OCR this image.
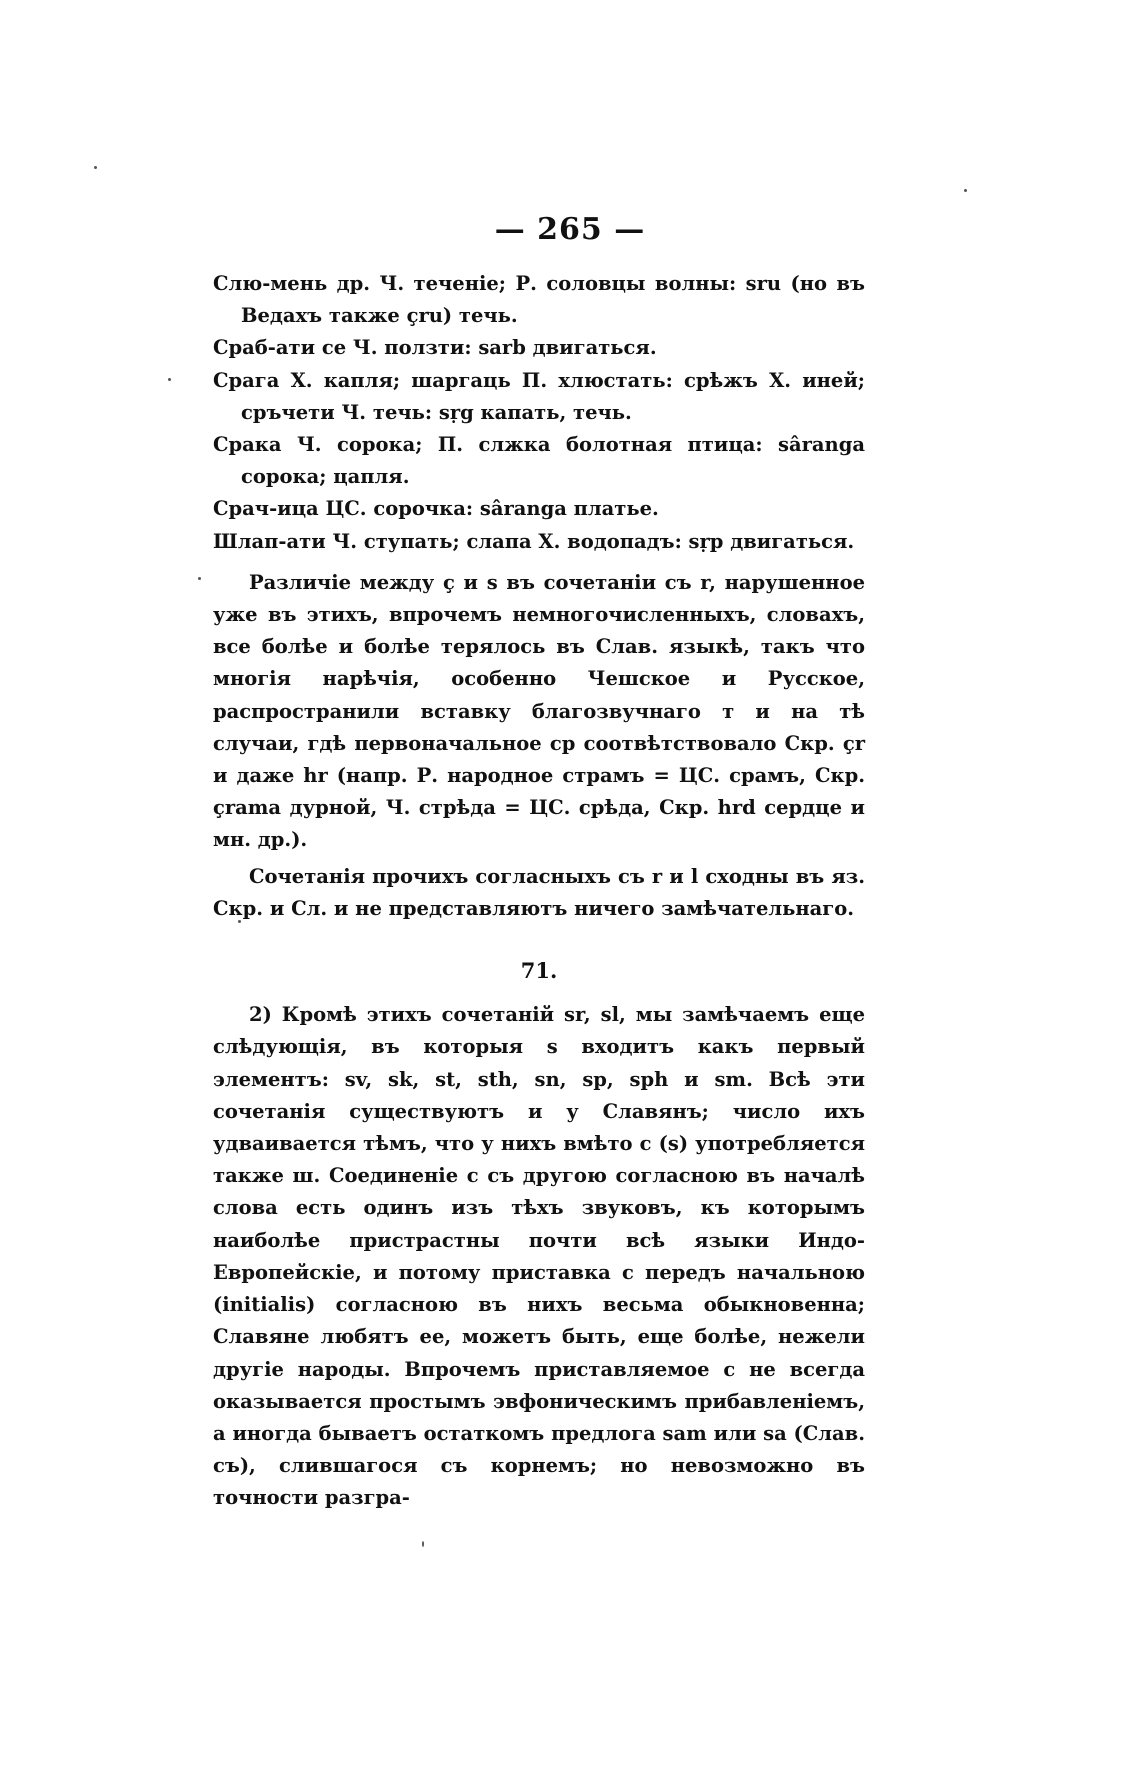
— 265 —

Слю-мень др. Ч. теченіе; Р. соловцы волны: sru (но въ Ведахъ также çru) течь.

Сраб-ати се Ч. ползти: sarb двигаться.

Срага Х. капля; шаргаць П. хлюстать: срѣжъ Х. иней; сръчети Ч. течь: sṛg капать, течь.

Срака Ч. сорока; П. слжка болотная птица: sâranga сорока; цапля.

Срач-ица ЦС. сорочка: sâranga платье.

Шлап-ати Ч. ступать; слапа Х. водопадъ: sṛp двигаться.

Различіе между ç и s въ сочетаніи съ r, нарушенное уже въ этихъ, впрочемъ немногочисленныхъ, словахъ, все болѣе и болѣе терялось въ Слав. языкѣ, такъ что многія нарѣчія, особенно Чешское и Русское, распространили вставку благозвучнаго т и на тѣ случаи, гдѣ первоначальное ср соотвѣтствовало Скр. çr и даже hr (напр. Р. народное страмъ = ЦС. срамъ, Скр. çrama дурной, Ч. стрѣда = ЦС. срѣда, Скр. hrd сердце и мн. др.).

Сочетанія прочихъ согласныхъ съ r и l сходны въ яз. Скр. и Сл. и не представляютъ ничего замѣчательнаго.

71.

2) Кромѣ этихъ сочетаній sr, sl, мы замѣчаемъ еще слѣдующія, въ которыя s входитъ какъ первый элементъ: sv, sk, st, sth, sn, sp, sph и sm. Всѣ эти сочетанія существуютъ и у Славянъ; число ихъ удваивается тѣмъ, что у нихъ вмѣто с (s) употребляется также ш. Соединеніе с съ другою согласною въ началѣ слова есть одинъ изъ тѣхъ звуковъ, къ которымъ наиболѣе пристрастны почти всѣ языки Индо-Европейскіе, и потому приставка с передъ начальною (initialis) согласною въ нихъ весьма обыкновенна; Славяне любятъ ее, можетъ быть, еще болѣе, нежели другіе народы. Впрочемъ приставляемое с не всегда оказывается простымъ эвфоническимъ прибавленіемъ, а иногда бываетъ остаткомъ предлога sam или sa (Слав. съ), слившагося съ корнемъ; но невозможно въ точности разгра-
